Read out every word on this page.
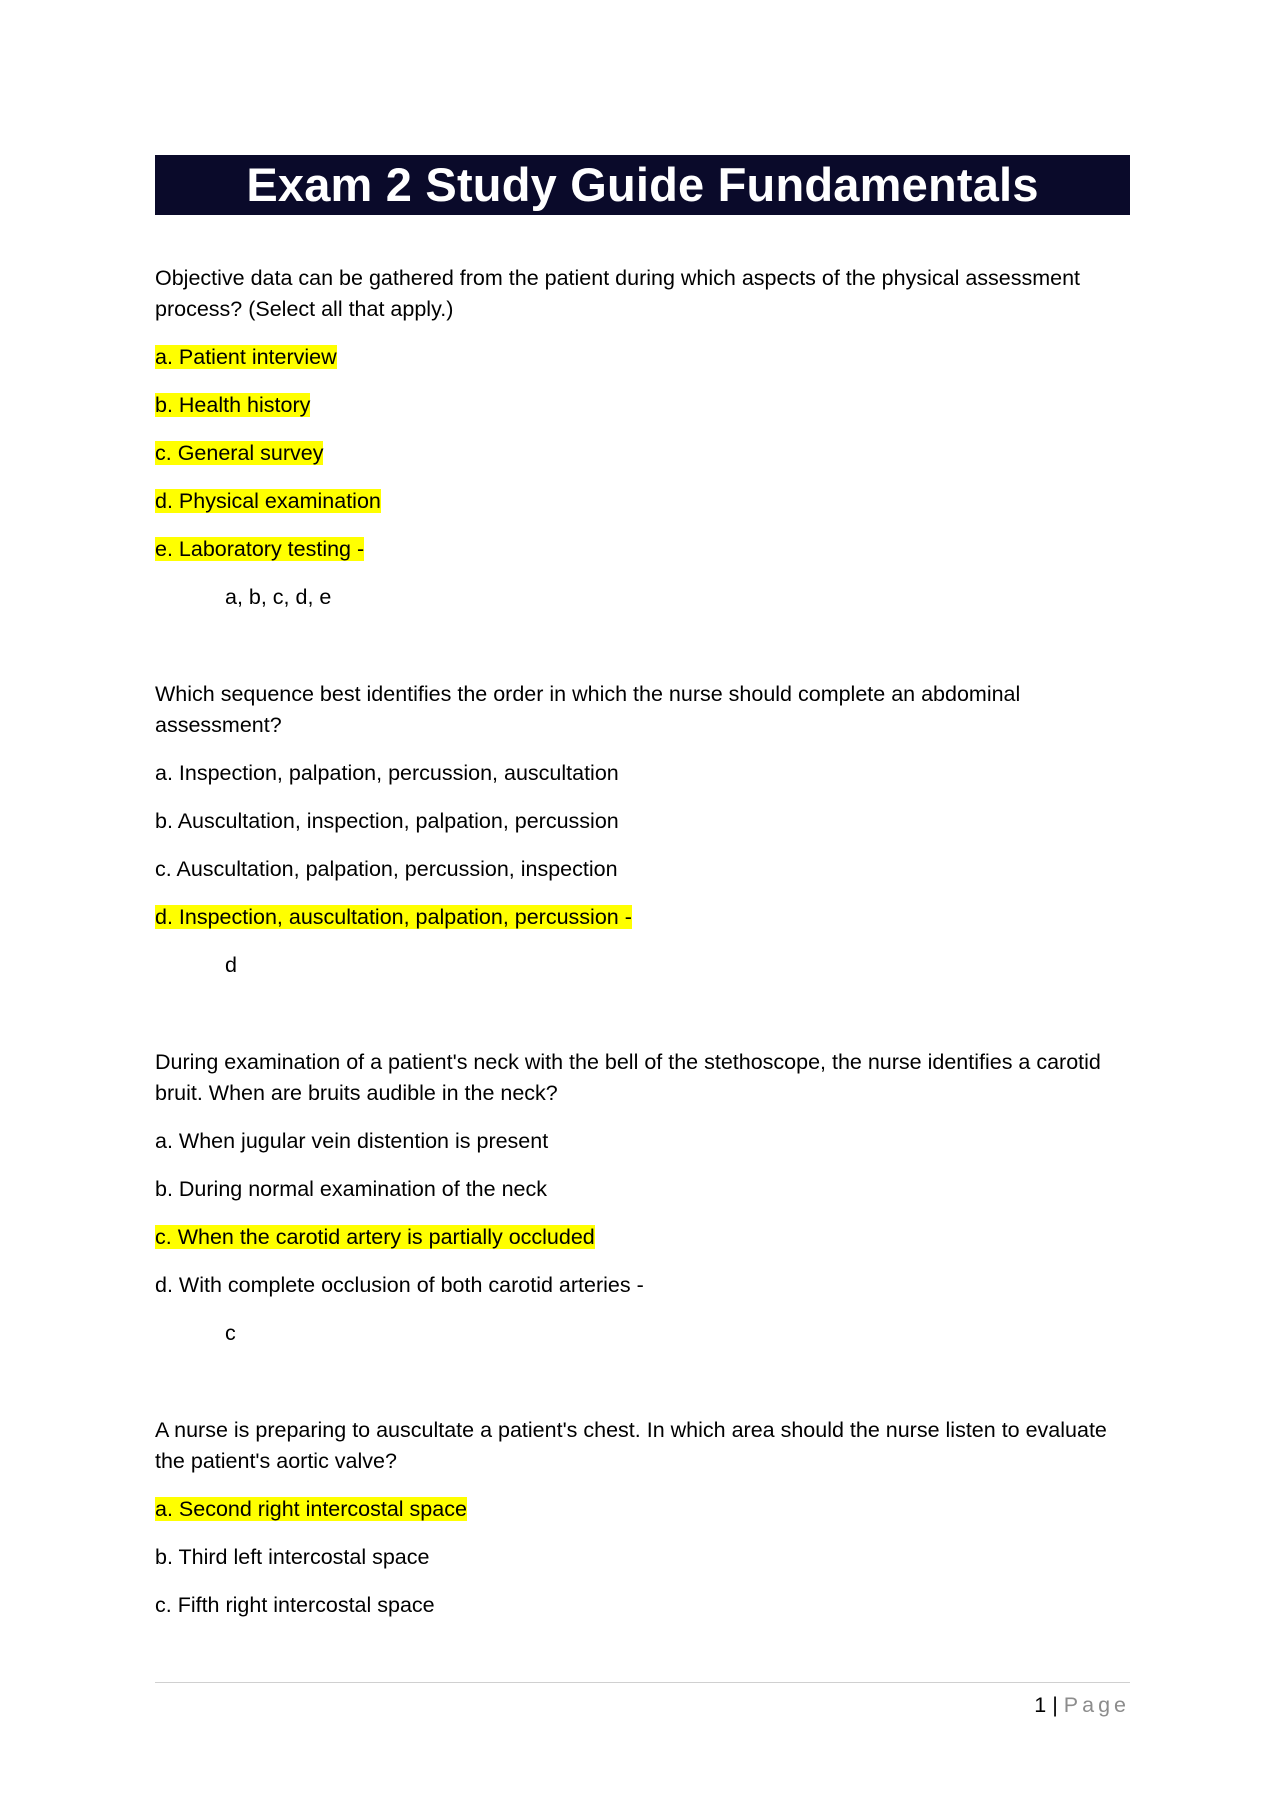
Exam 2 Study Guide Fundamentals

Objective data can be gathered from the patient during which aspects of the physical assessment process? (Select all that apply.)

a. Patient interview
b. Health history
c. General survey
d. Physical examination
e. Laboratory testing -
a, b, c, d, e

Which sequence best identifies the order in which the nurse should complete an abdominal assessment?

a. Inspection, palpation, percussion, auscultation
b. Auscultation, inspection, palpation, percussion
c. Auscultation, palpation, percussion, inspection
d. Inspection, auscultation, palpation, percussion -
d

During examination of a patient's neck with the bell of the stethoscope, the nurse identifies a carotid bruit. When are bruits audible in the neck?

a. When jugular vein distention is present
b. During normal examination of the neck
c. When the carotid artery is partially occluded
d. With complete occlusion of both carotid arteries -
c

A nurse is preparing to auscultate a patient's chest. In which area should the nurse listen to evaluate the patient's aortic valve?

a. Second right intercostal space
b. Third left intercostal space
c. Fifth right intercostal space
1 | Page
